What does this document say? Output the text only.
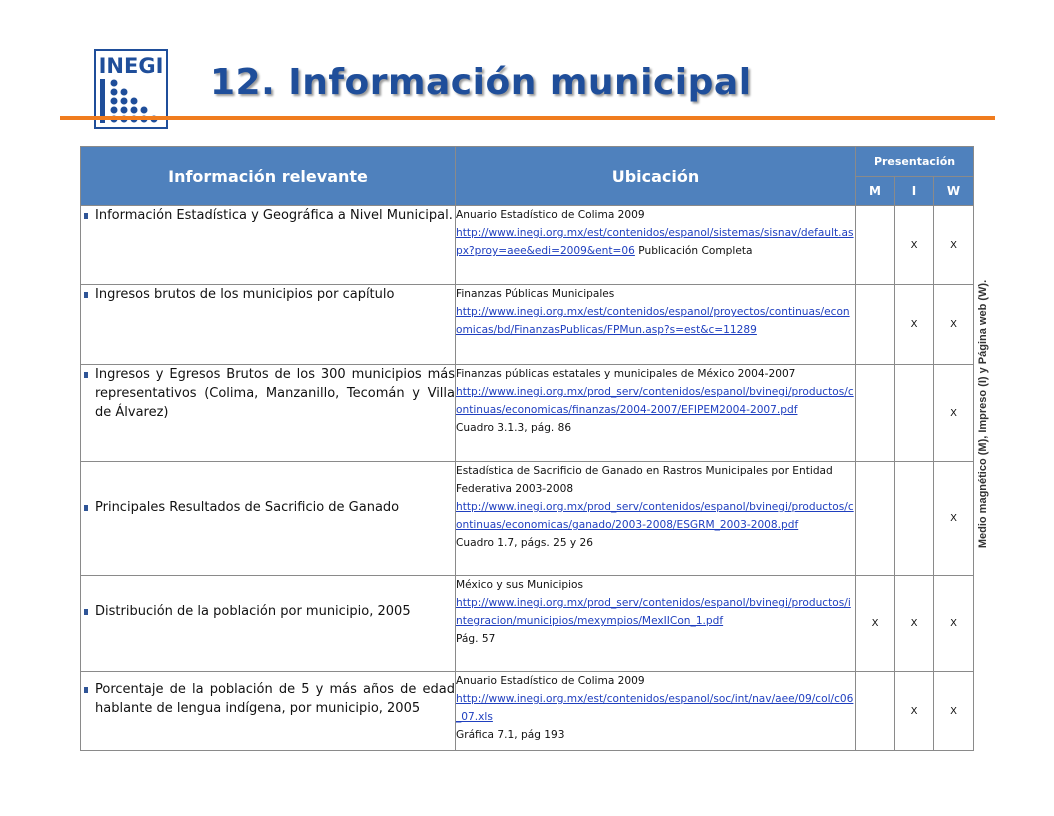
INEGI 12. Información municipal
Medio magnético (M), Impreso (I) y Página web (W).
Información relevante	Ubicación	Presentación		
		M	I	W

Información Estadística y Geográfica a Nivel Municipal.	Anuario Estadístico de Colima 2009
http://www.inegi.org.mx/est/contenidos/espanol/sistemas/sisnav/default.aspx?proy=aee&edi=2009&ent=06 Publicación Completa		X	X

Ingresos brutos de los municipios por capítulo	Finanzas Públicas Municipales
http://www.inegi.org.mx/est/contenidos/espanol/proyectos/continuas/economicas/bd/FinanzasPublicas/FPMun.asp?s=est&c=11289		X	X

Ingresos y Egresos Brutos de los 300 municipios más representativos (Colima, Manzanillo, Tecomán y Villa de Álvarez)	Finanzas públicas estatales y municipales de México 2004-2007
http://www.inegi.org.mx/prod_serv/contenidos/espanol/bvinegi/productos/continuas/economicas/finanzas/2004-2007/EFIPEM2004-2007.pdf
Cuadro 3.1.3, pág. 86			X

Principales Resultados de Sacrificio de Ganado	Estadística de Sacrificio de Ganado en Rastros Municipales por Entidad Federativa 2003-2008
http://www.inegi.org.mx/prod_serv/contenidos/espanol/bvinegi/productos/continuas/economicas/ganado/2003-2008/ESGRM_2003-2008.pdf
Cuadro 1.7, págs. 25 y 26			X

Distribución de la población por municipio, 2005	México y sus Municipios
http://www.inegi.org.mx/prod_serv/contenidos/espanol/bvinegi/productos/integracion/municipios/mexympios/MexIICon_1.pdf
Pág. 57	X	X	X

Porcentaje de la población de 5 y más años de edad hablante de lengua indígena, por municipio, 2005	Anuario Estadístico de Colima 2009
http://www.inegi.org.mx/est/contenidos/espanol/soc/int/nav/aee/09/col/c06_07.xls
Gráfica 7.1, pág 193		X	X
